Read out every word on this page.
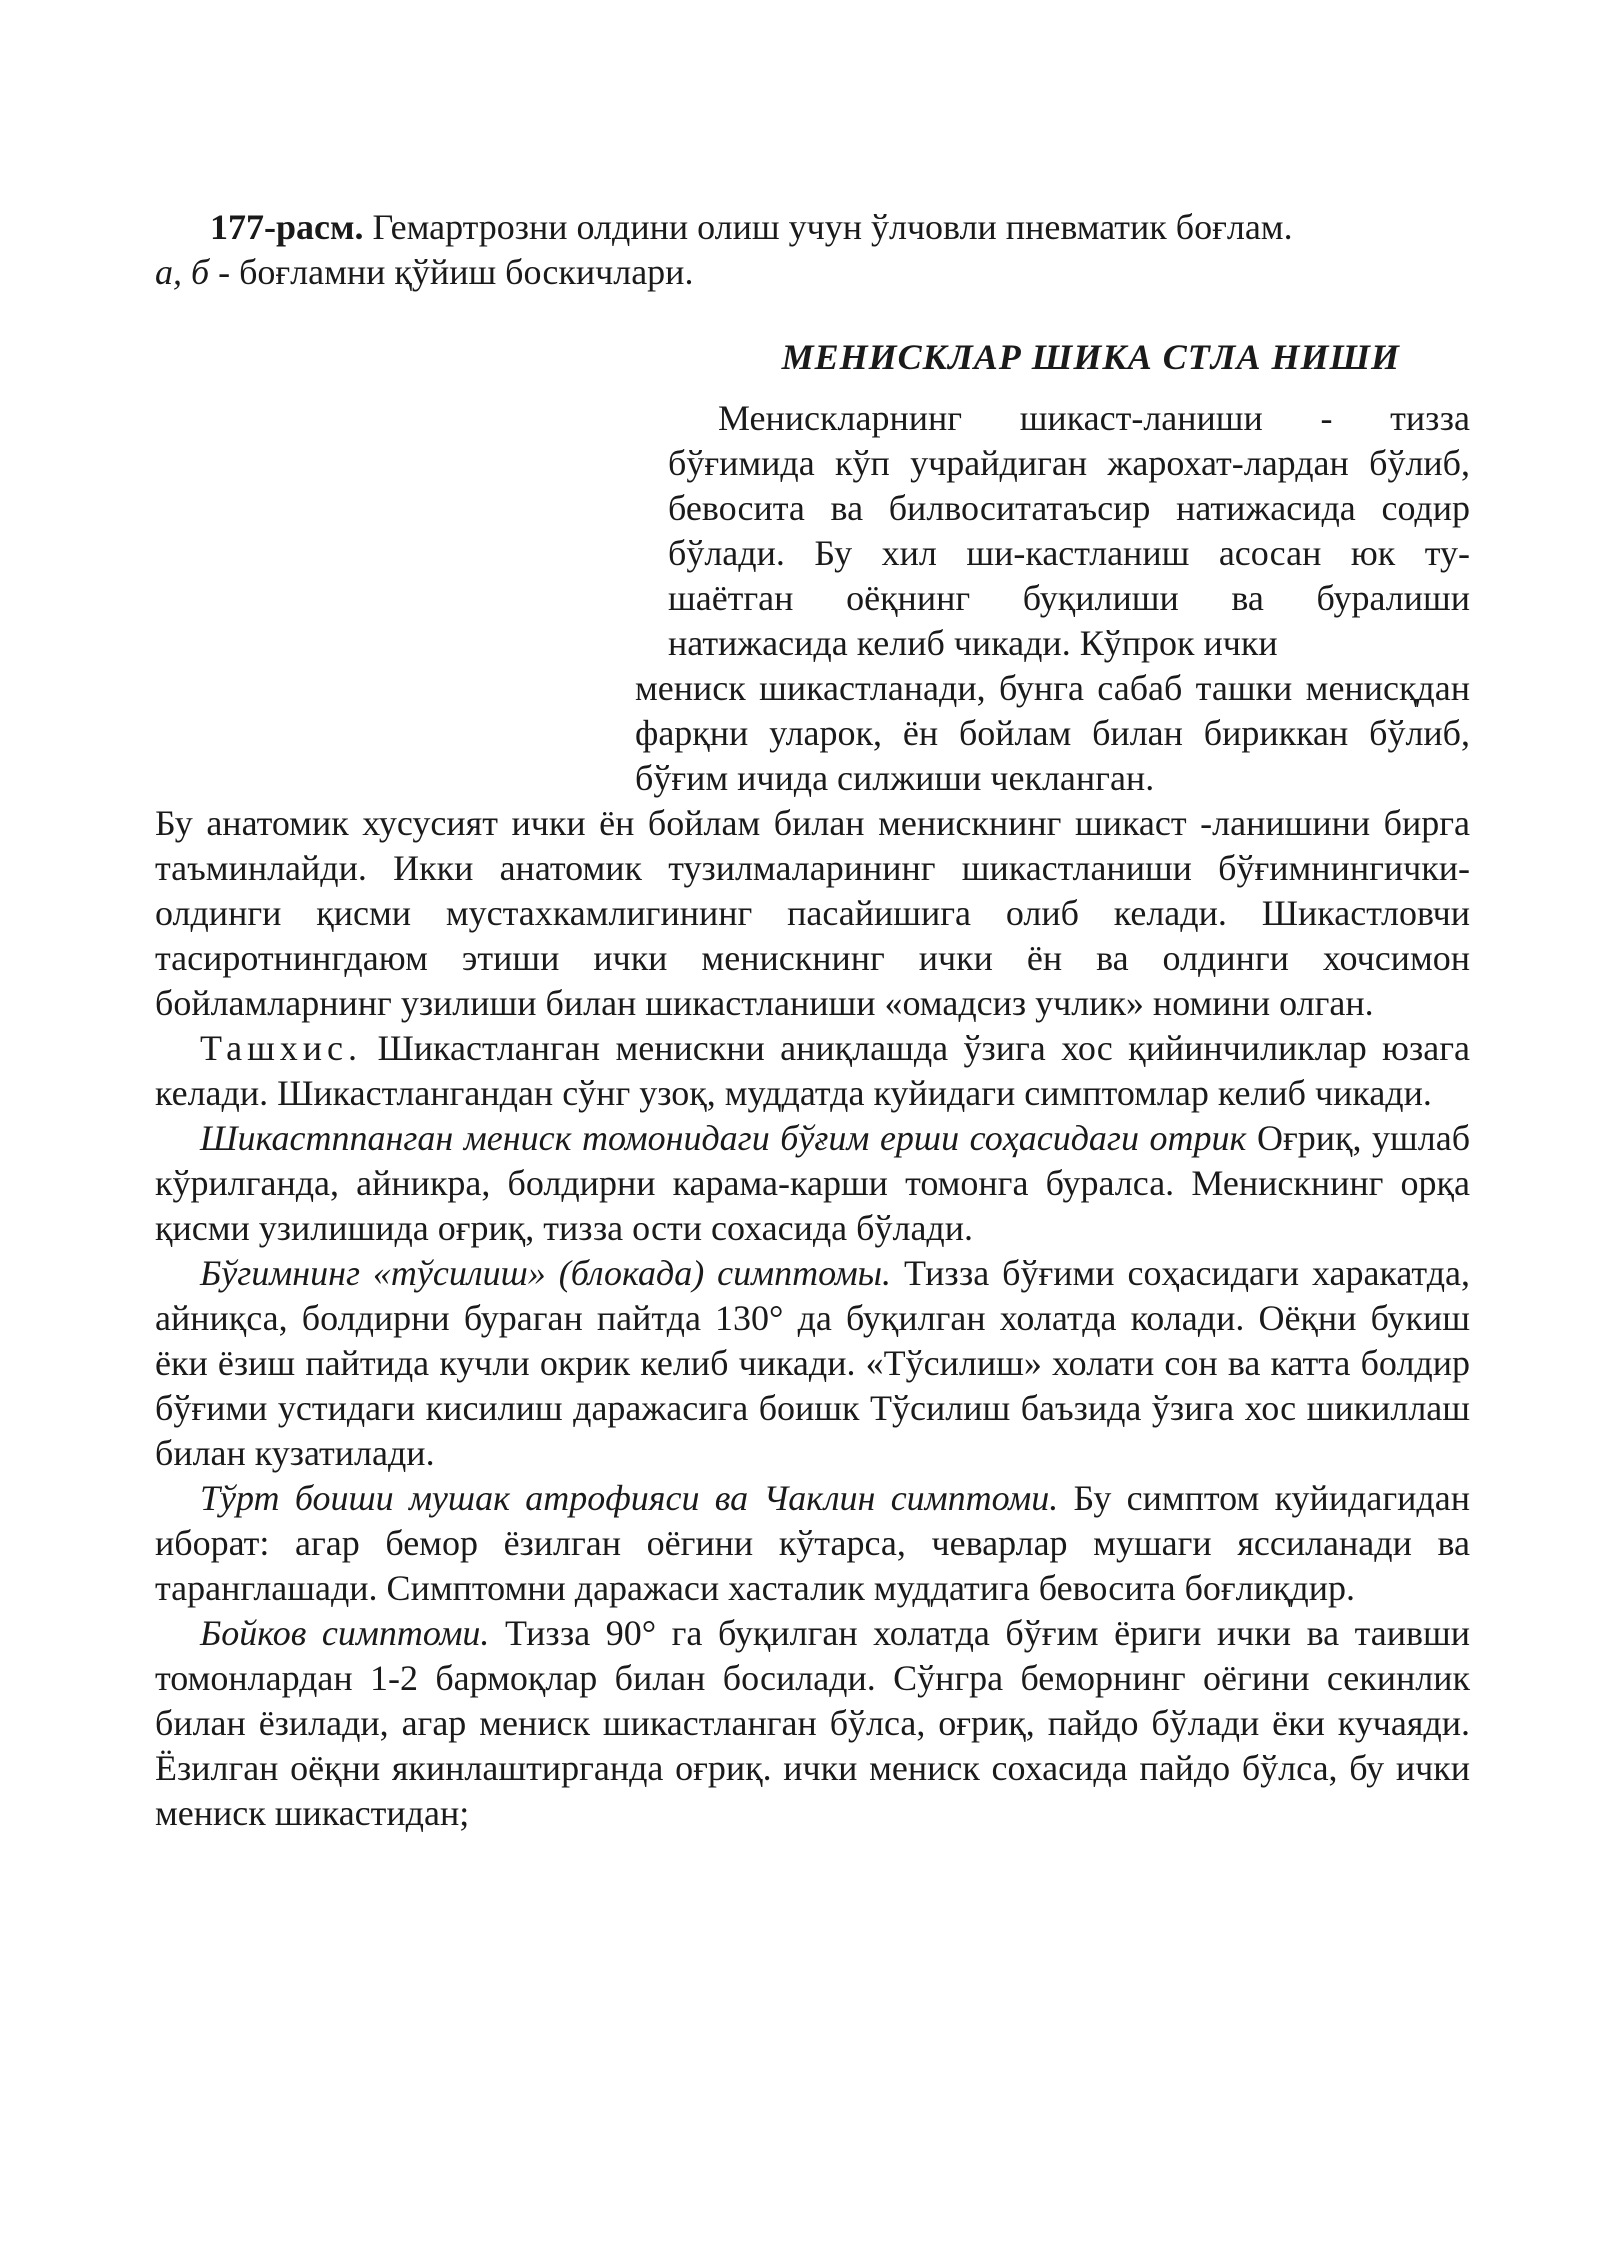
177-расм. Гемартрозни олдини олиш учун ўлчовли пневматик боғлам.

а, б - боғламни қўйиш боскичлари.

МЕНИСКЛАР ШИКА СТЛА НИШИ

Менискларнинг шикаст-ланиши - тизза бўғимида кўп учрайдиган жарохат-лардан бўлиб, бевосита ва билвоситатаъсир натижасида содир бўлади. Бу хил ши-кастланиш асосан юк ту-шаётган оёқнинг буқилиши ва буралиши натижасида келиб чикади. Кўпрок ички

мениск шикастланади, бунга сабаб ташки менисқдан фарқни уларок, ён бойлам билан бириккан бўлиб, бўғим ичида силжиши чекланган.

Бу анатомик хусусият ички ён бойлам билан менискнинг шикаст -ланишини бирга таъминлайди. Икки анатомик тузилмаларининг шикастланиши бўғимнингички-олдинги қисми мустахкамлигининг пасайишига олиб келади. Шикастловчи тасиротнингдаюм этиши ички менискнинг ички ён ва олдинги хочсимон бойламларнинг узилиши билан шикастланиши «омадсиз учлик» номини олган.

Ташхис. Шикастланган менискни аниқлашда ўзига хос қийинчиликлар юзага келади. Шикастлангандан сўнг узоқ, муддатда куйидаги симптомлар келиб чикади.

Шикастппанган мениск томонидаги бўғим ерши соҳасидаги отрик Оғриқ, ушлаб кўрилганда, айникра, болдирни карама-карши томонга буралса. Менискнинг орқа қисми узилишида оғриқ, тизза ости сохасида бўлади.

Бўгимнинг «тўсилиш» (блокада) симптомы. Тизза бўғими соҳасидаги харакатда, айниқса, болдирни бураган пайтда 130° да буқилган холатда колади. Оёқни букиш ёки ёзиш пайтида кучли окрик келиб чикади. «Тўсилиш» холати сон ва катта болдир бўғими устидаги кисилиш даражасига боишк Тўсилиш баъзида ўзига хос шикиллаш билан кузатилади.

Тўрт боиши мушак атрофияси ва Чаклин симптоми. Бу симптом куйидагидан иборат: агар бемор ёзилган оёгини кўтарса, чеварлар мушаги яссиланади ва таранглашади. Симптомни даражаси хасталик муддатига бевосита боғлиқдир.

Бойков симптоми. Тизза 90° га буқилган холатда бўғим ёриги ички ва таивши томонлардан 1-2 бармоқлар билан босилади. Сўнгра беморнинг оёгини секинлик билан ёзилади, агар мениск шикастланган бўлса, оғриқ, пайдо бўлади ёки кучаяди. Ёзилган оёқни якинлаштирганда оғриқ. ички мениск сохасида пайдо бўлса, бу ички мениск шикастидан;
